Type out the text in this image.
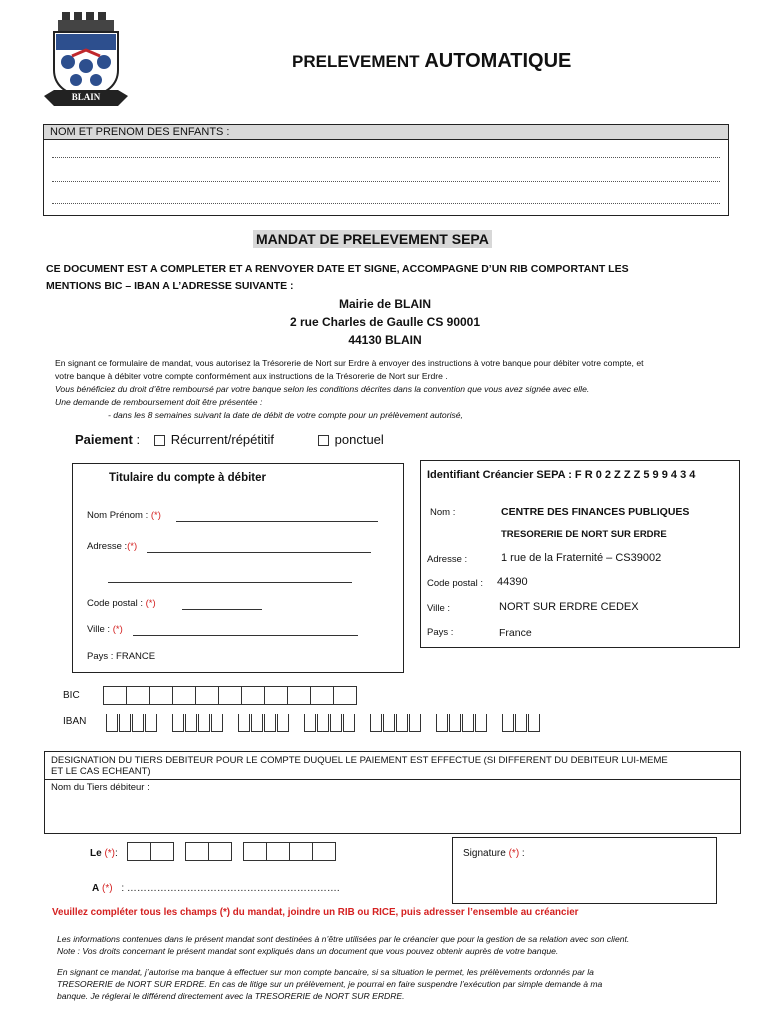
BLAIN
PRELEVEMENT AUTOMATIQUE
NOM ET PRENOM DES ENFANTS :
MANDAT DE PRELEVEMENT SEPA
CE DOCUMENT EST A COMPLETER ET A RENVOYER DATE ET SIGNE, ACCOMPAGNE D’UN RIB COMPORTANT LES
MENTIONS BIC – IBAN A L’ADRESSE SUIVANTE :
Mairie de BLAIN
2 rue Charles de Gaulle CS 90001
44130 BLAIN
En signant ce formulaire de mandat, vous autorisez la Trésorerie de Nort sur Erdre à envoyer des instructions à votre banque pour débiter votre compte, et
votre banque à débiter votre compte conformément aux instructions de la Trésorerie de Nort sur Erdre .
Vous bénéficiez du droit d’être remboursé par votre banque selon les conditions décrites dans la convention que vous avez signée avec elle.
Une demande de remboursement doit être présentée :
- dans les 8 semaines suivant la date de débit de votre compte pour un prélèvement autorisé,
Paiement : Récurrent/répétitif	ponctuel
Titulaire du compte à débiter
Nom Prénom : (*)
Adresse :(*)
Code postal : (*)
Ville : (*)
Pays : FRANCE
Identifiant Créancier SEPA : F R 0 2 Z Z Z 5 9 9 4 3 4
Nom :	CENTRE DES FINANCES PUBLIQUES
TRESORERIE DE NORT SUR ERDRE
Adresse :	1 rue de la Fraternité – CS39002
Code postal : 44390
Ville :	NORT SUR ERDRE CEDEX
Pays :	France
BIC
IBAN
DESIGNATION DU TIERS DEBITEUR POUR LE COMPTE DUQUEL LE PAIEMENT EST EFFECTUE (SI DIFFERENT DU DEBITEUR LUI-MEME
ET LE CAS ECHEANT)
Nom du Tiers débiteur :
Le (*):	Signature (*) :
A (*) : ……………………………………………………….
Veuillez compléter tous les champs (*) du mandat, joindre un RIB ou RICE, puis adresser l’ensemble au créancier
Les informations contenues dans le présent mandat sont destinées à n’être utilisées par le créancier que pour la gestion de sa relation avec son client.
Note : Vos droits concernant le présent mandat sont expliqués dans un document que vous pouvez obtenir auprès de votre banque.
En signant ce mandat, j’autorise ma banque à effectuer sur mon compte bancaire, si sa situation le permet, les prélèvements ordonnés par la
TRESORERIE de NORT SUR ERDRE. En cas de litige sur un prélèvement, je pourrai en faire suspendre l’exécution par simple demande à ma
banque. Je réglerai le différend directement avec la TRESORERIE de NORT SUR ERDRE.
